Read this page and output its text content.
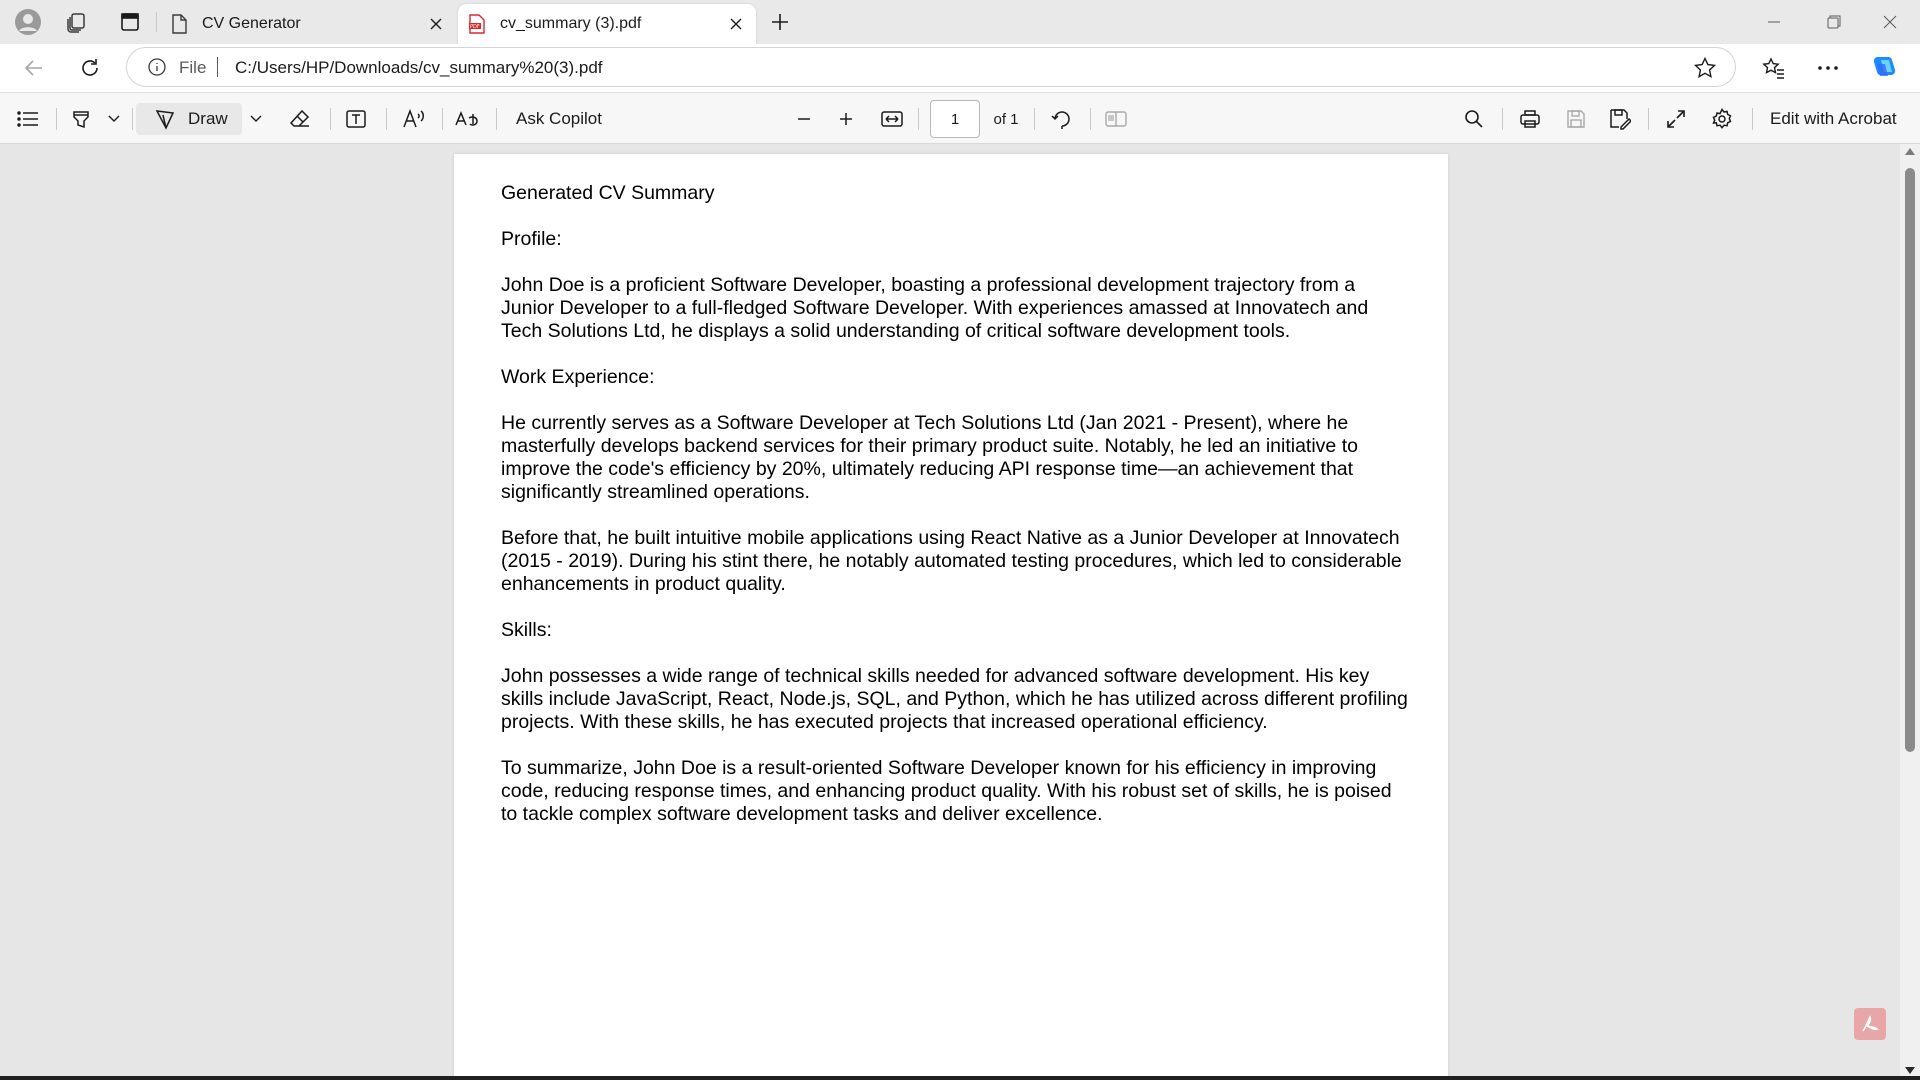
CV Generator	PDF cv_summary (3).pdf
File C:/Users/HP/Downloads/cv_summary%20(3).pdf
Draw	Ask Copilot	1	of 1	Edit with Acrobat
Generated CV Summary
Profile:
John Doe is a proficient Software Developer, boasting a professional development trajectory from a Junior Developer to a full-fledged Software Developer. With experiences amassed at Innovatech and Tech Solutions Ltd, he displays a solid understanding of critical software development tools.
Work Experience:
He currently serves as a Software Developer at Tech Solutions Ltd (Jan 2021 - Present), where he masterfully develops backend services for their primary product suite. Notably, he led an initiative to improve the code's efficiency by 20%, ultimately reducing API response time—an achievement that significantly streamlined operations.
Before that, he built intuitive mobile applications using React Native as a Junior Developer at Innovatech (2015 - 2019). During his stint there, he notably automated testing procedures, which led to considerable enhancements in product quality.
Skills:
John possesses a wide range of technical skills needed for advanced software development. His key skills include JavaScript, React, Node.js, SQL, and Python, which he has utilized across different profiling projects. With these skills, he has executed projects that increased operational efficiency.
To summarize, John Doe is a result-oriented Software Developer known for his efficiency in improving code, reducing response times, and enhancing product quality. With his robust set of skills, he is poised to tackle complex software development tasks and deliver excellence.
